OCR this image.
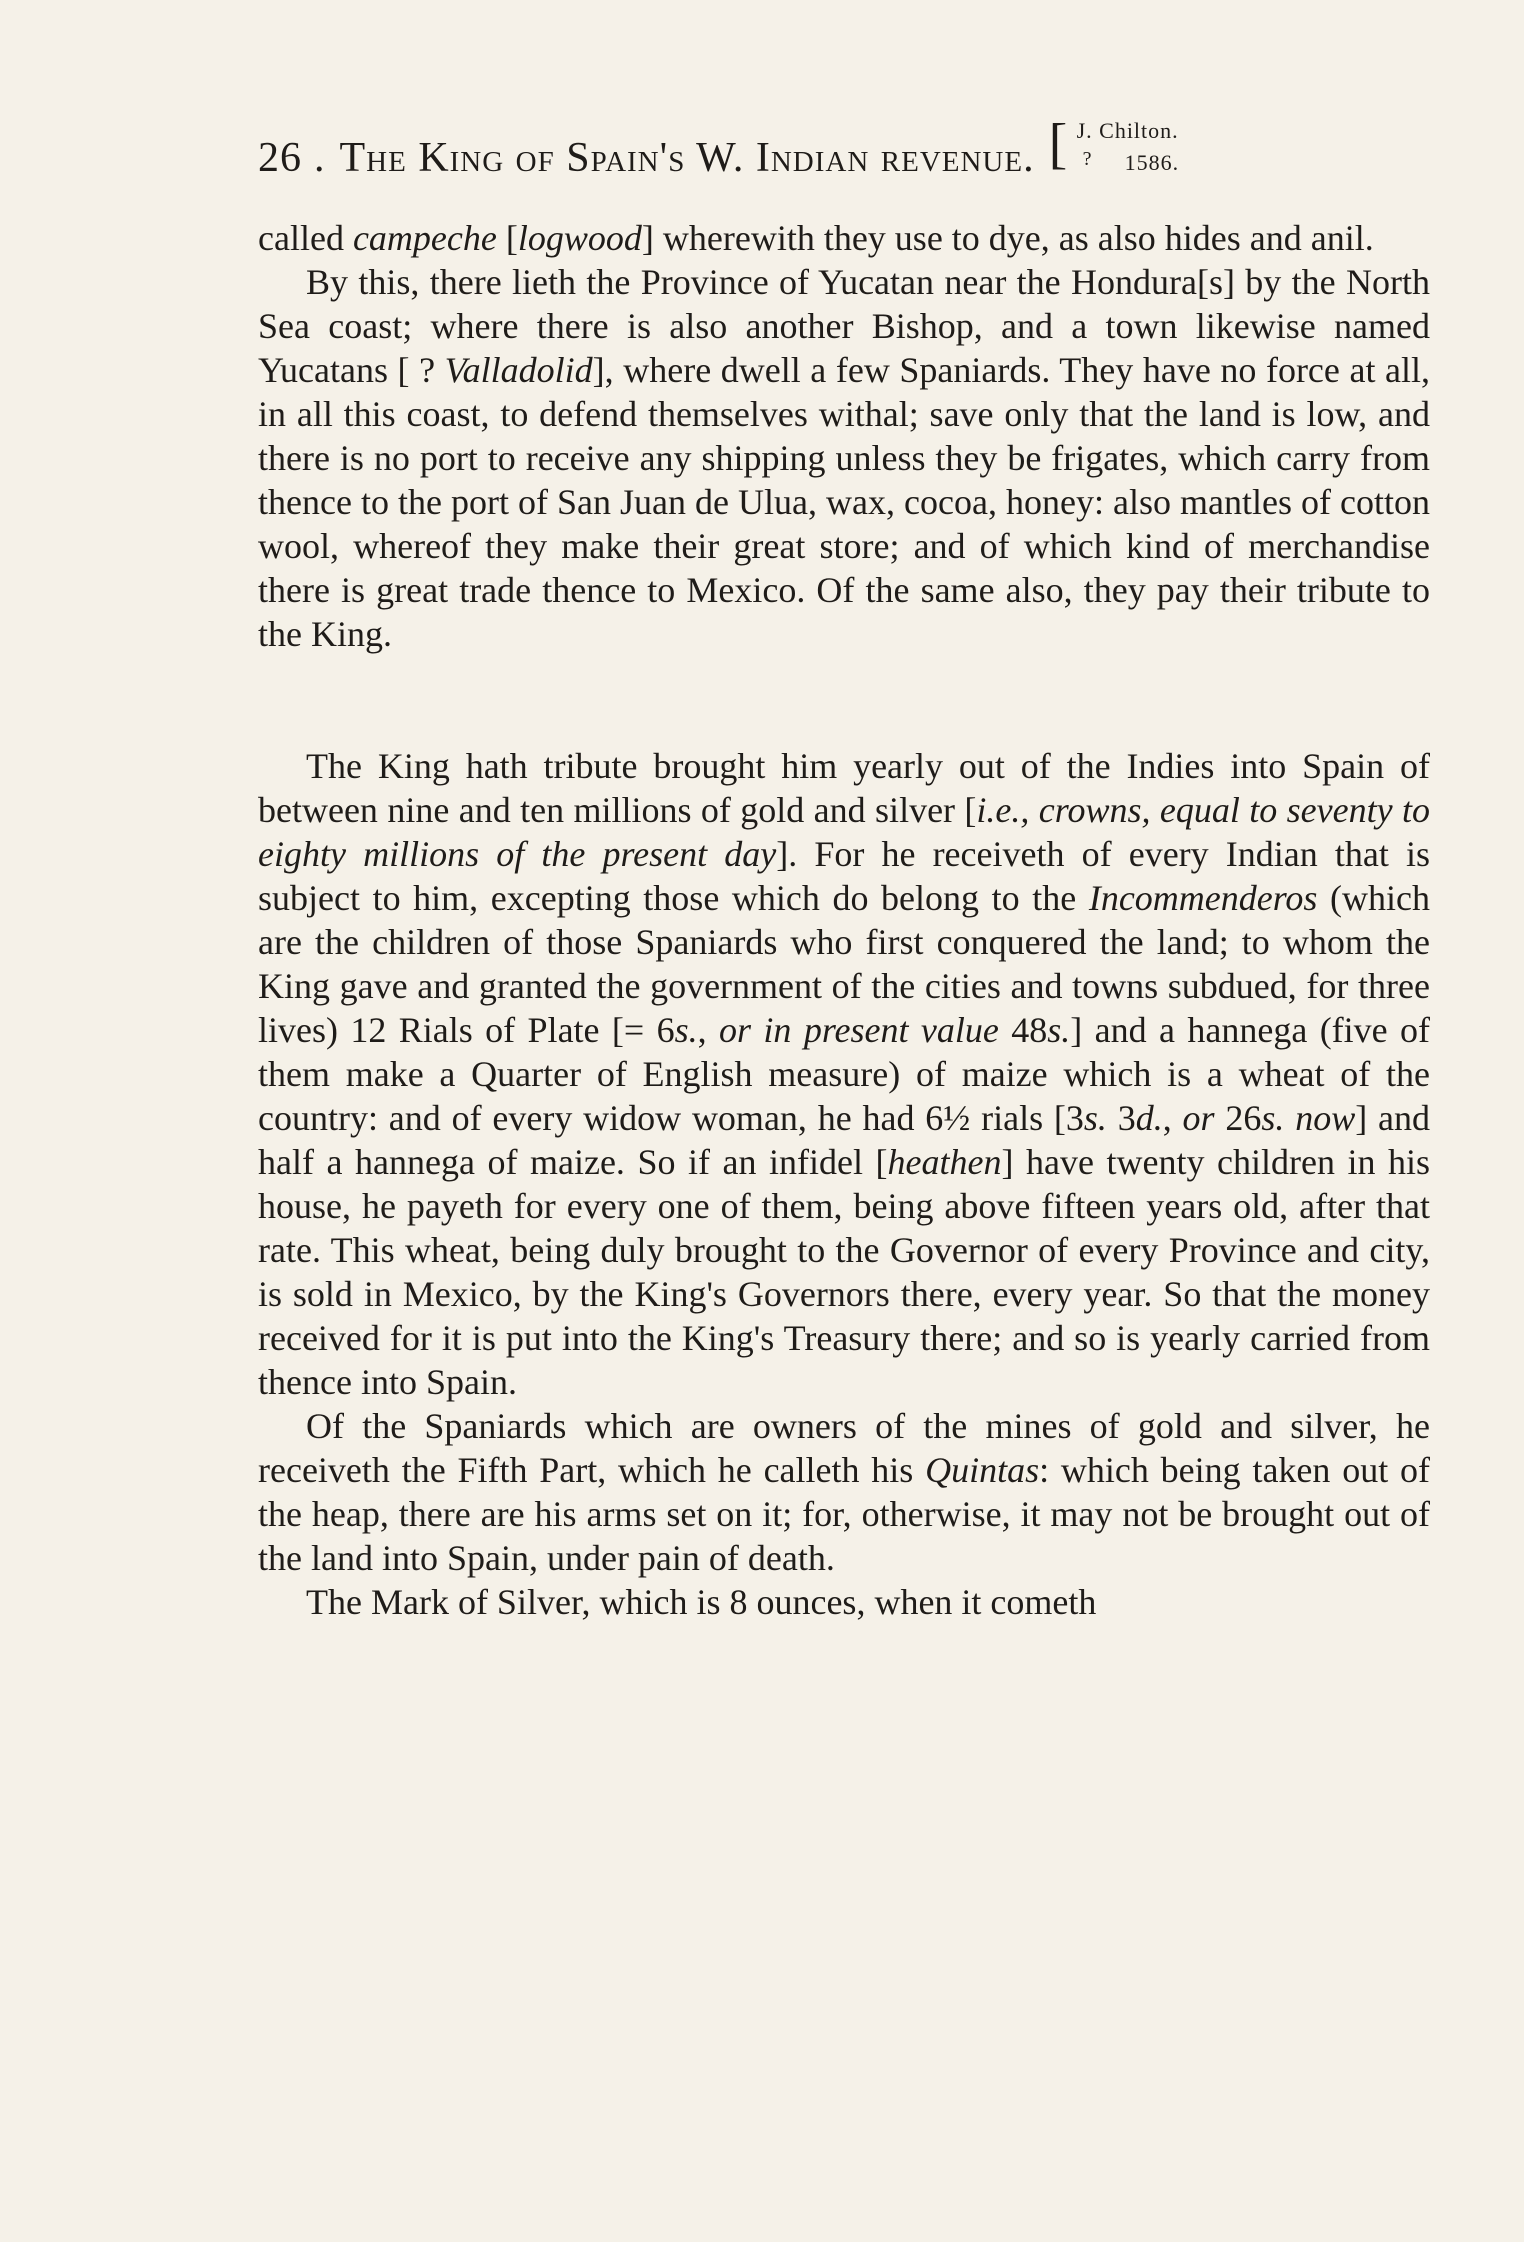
26 . The King of Spain's W. Indian revenue. [ J. Chilton.
? 1586.

called campeche [logwood] wherewith they use to dye, as also hides and anil.

By this, there lieth the Province of Yucatan near the Hondura[s] by the North Sea coast; where there is also another Bishop, and a town likewise named Yucatans [ ? Valladolid], where dwell a few Spaniards. They have no force at all, in all this coast, to defend themselves withal; save only that the land is low, and there is no port to receive any shipping unless they be frigates, which carry from thence to the port of San Juan de Ulua, wax, cocoa, honey: also mantles of cotton wool, whereof they make their great store; and of which kind of merchandise there is great trade thence to Mexico. Of the same also, they pay their tribute to the King.

The King hath tribute brought him yearly out of the Indies into Spain of between nine and ten millions of gold and silver [i.e., crowns, equal to seventy to eighty millions of the present day]. For he receiveth of every Indian that is subject to him, excepting those which do belong to the Incommenderos (which are the children of those Spaniards who first conquered the land; to whom the King gave and granted the government of the cities and towns subdued, for three lives) 12 Rials of Plate [= 6s., or in present value 48s.] and a hannega (five of them make a Quarter of English measure) of maize which is a wheat of the country: and of every widow woman, he had 6½ rials [3s. 3d., or 26s. now] and half a hannega of maize. So if an infidel [heathen] have twenty children in his house, he payeth for every one of them, being above fifteen years old, after that rate. This wheat, being duly brought to the Governor of every Province and city, is sold in Mexico, by the King's Governors there, every year. So that the money received for it is put into the King's Treasury there; and so is yearly carried from thence into Spain.

Of the Spaniards which are owners of the mines of gold and silver, he receiveth the Fifth Part, which he calleth his Quintas: which being taken out of the heap, there are his arms set on it; for, otherwise, it may not be brought out of the land into Spain, under pain of death.

The Mark of Silver, which is 8 ounces, when it cometh
